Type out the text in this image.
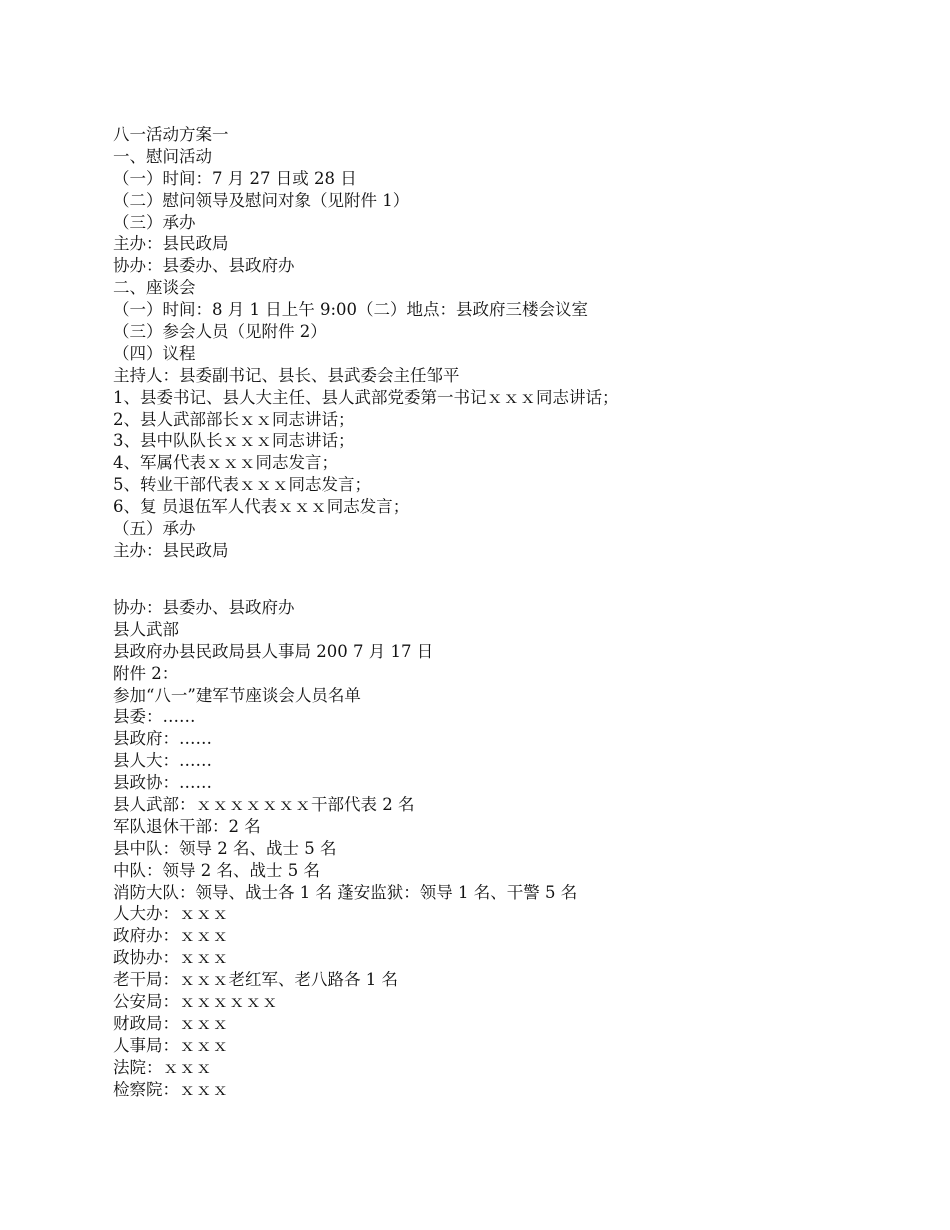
八一活动方案一
一、慰问活动
（一）时间：7 月 27 日或 28 日
（二）慰问领导及慰问对象（见附件 1）
（三）承办
主办：县民政局
协办：县委办、县政府办
二、座谈会
（一）时间：8 月 1 日上午 9:00（二）地点：县政府三楼会议室
（三）参会人员（见附件 2）
（四）议程
主持人：县委副书记、县长、县武委会主任邹平
1、县委书记、县人大主任、县人武部党委第一书记ｘｘｘ同志讲话；
2、县人武部部长ｘｘ同志讲话；
3、县中队队长ｘｘｘ同志讲话；
4、军属代表ｘｘｘ同志发言；
5、转业干部代表ｘｘｘ同志发言；
6、复 员退伍军人代表ｘｘｘ同志发言；
（五）承办
主办：县民政局
协办：县委办、县政府办
县人武部
县政府办县民政局县人事局 200 7 月 17 日
附件 2：
参加“八一”建军节座谈会人员名单
县委：……
县政府：……
县人大：……
县政协：……
县人武部：ｘｘｘｘｘｘｘ干部代表 2 名
军队退休干部：2 名
县中队：领导 2 名、战士 5 名
中队：领导 2 名、战士 5 名
消防大队：领导、战士各 1 名 蓬安监狱：领导 1 名、干警 5 名
人大办：ｘｘｘ
政府办：ｘｘｘ
政协办：ｘｘｘ
老干局：ｘｘｘ老红军、老八路各 1 名
公安局：ｘｘｘｘｘｘ
财政局：ｘｘｘ
人事局：ｘｘｘ
法院：ｘｘｘ
检察院：ｘｘｘ
